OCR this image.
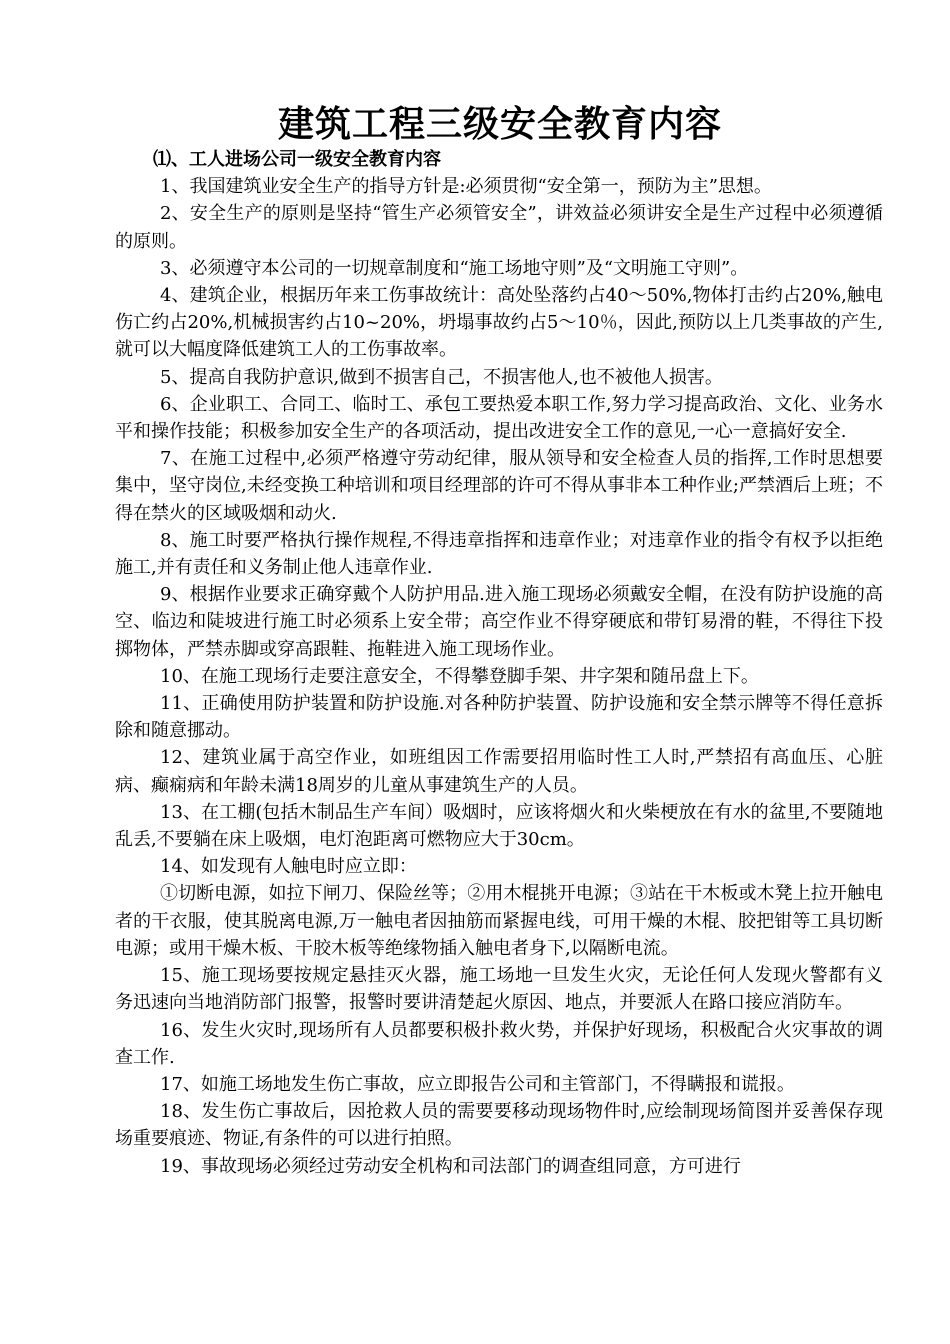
建筑工程三级安全教育内容

⑴、工人进场公司一级安全教育内容

1、我国建筑业安全生产的指导方针是:必须贯彻“安全第一，预防为主”思想。

2、安全生产的原则是坚持“管生产必须管安全”，讲效益必须讲安全是生产过程中必须遵循的原则。

3、必须遵守本公司的一切规章制度和“施工场地守则”及“文明施工守则”。

4、建筑企业，根据历年来工伤事故统计：高处坠落约占40～50%,物体打击约占20%,触电伤亡约占20%,机械损害约占10~20%，坍塌事故约占5～10％，因此,预防以上几类事故的产生,就可以大幅度降低建筑工人的工伤事故率。

5、提高自我防护意识,做到不损害自己，不损害他人,也不被他人损害。

6、企业职工、合同工、临时工、承包工要热爱本职工作,努力学习提高政治、文化、业务水平和操作技能；积极参加安全生产的各项活动，提出改进安全工作的意见,一心一意搞好安全.

7、在施工过程中,必须严格遵守劳动纪律，服从领导和安全检查人员的指挥,工作时思想要集中，坚守岗位,未经变换工种培训和项目经理部的许可不得从事非本工种作业;严禁酒后上班；不得在禁火的区域吸烟和动火.

8、施工时要严格执行操作规程,不得违章指挥和违章作业；对违章作业的指令有权予以拒绝施工,并有责任和义务制止他人违章作业.

9、根据作业要求正确穿戴个人防护用品.进入施工现场必须戴安全帽，在没有防护设施的高空、临边和陡坡进行施工时必须系上安全带；高空作业不得穿硬底和带钉易滑的鞋，不得往下投掷物体，严禁赤脚或穿高跟鞋、拖鞋进入施工现场作业。

10、在施工现场行走要注意安全，不得攀登脚手架、井字架和随吊盘上下。

11、正确使用防护装置和防护设施.对各种防护装置、防护设施和安全禁示牌等不得任意拆除和随意挪动。

12、建筑业属于高空作业，如班组因工作需要招用临时性工人时,严禁招有高血压、心脏病、癫痫病和年龄未满18周岁的儿童从事建筑生产的人员。

13、在工棚(包括木制品生产车间）吸烟时，应该将烟火和火柴梗放在有水的盆里,不要随地乱丢,不要躺在床上吸烟，电灯泡距离可燃物应大于30cm。

14、如发现有人触电时应立即：

①切断电源，如拉下闸刀、保险丝等；②用木棍挑开电源；③站在干木板或木凳上拉开触电者的干衣服，使其脱离电源,万一触电者因抽筋而紧握电线，可用干燥的木棍、胶把钳等工具切断电源；或用干燥木板、干胶木板等绝缘物插入触电者身下,以隔断电流。

15、施工现场要按规定悬挂灭火器，施工场地一旦发生火灾，无论任何人发现火警都有义务迅速向当地消防部门报警，报警时要讲清楚起火原因、地点，并要派人在路口接应消防车。

16、发生火灾时,现场所有人员都要积极扑救火势，并保护好现场，积极配合火灾事故的调查工作.

17、如施工场地发生伤亡事故，应立即报告公司和主管部门，不得瞒报和谎报。

18、发生伤亡事故后，因抢救人员的需要要移动现场物件时,应绘制现场简图并妥善保存现场重要痕迹、物证,有条件的可以进行拍照。

19、事故现场必须经过劳动安全机构和司法部门的调查组同意，方可进行
